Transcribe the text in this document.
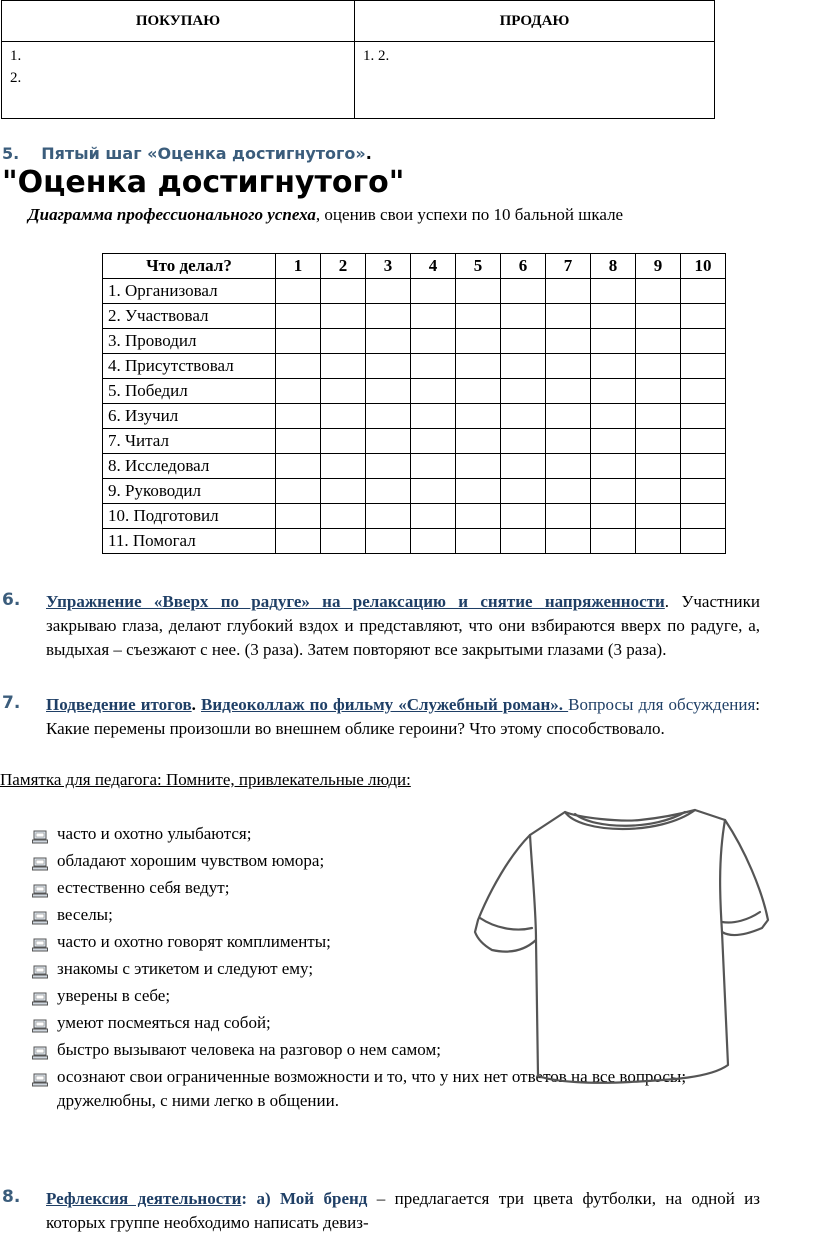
ПОКУПАЮ	ПРОДАЮ

1.
2.	1. 2.
5. Пятый шаг «Оценка достигнутого».
"Оценка достигнутого"
Диаграмма профессионального успеха, оценив свои успехи по 10 бальной шкале
Что делал?	1	2	3	4	5	6	7	8	9	10
1. Организовал										
2. Участвовал										
3. Проводил										
4. Присутствовал										
5. Победил										
6. Изучил										
7. Читал										
8. Исследовал										
9. Руководил										
10. Подготовил										
11. Помогал										
6. Упражнение «Вверх по радуге» на релаксацию и снятие напряженности. Участники закрываю глаза, делают глубокий вздох и представляют, что они взбираются вверх по радуге, а, выдыхая – съезжают с нее. (3 раза). Затем повторяют все закрытыми глазами (3 раза).
7. Подведение итогов. Видеоколлаж по фильму «Служебный роман». Вопросы для обсуждения: Какие перемены произошли во внешнем облике героини? Что этому способствовало.
Памятка для педагога: Помните, привлекательные люди:
часто и охотно улыбаются;
обладают хорошим чувством юмора;
естественно себя ведут;
веселы;
часто и охотно говорят комплименты;
знакомы с этикетом и следуют ему;
уверены в себе;
умеют посмеяться над собой;
быстро вызывают человека на разговор о нем самом;
осознают свои ограниченные возможности и то, что у них нет ответов на все вопросы; дружелюбны, с ними легко в общении.
8. Рефлексия деятельности: а) Мой бренд – предлагается три цвета футболки, на одной из которых группе необходимо написать девиз-
